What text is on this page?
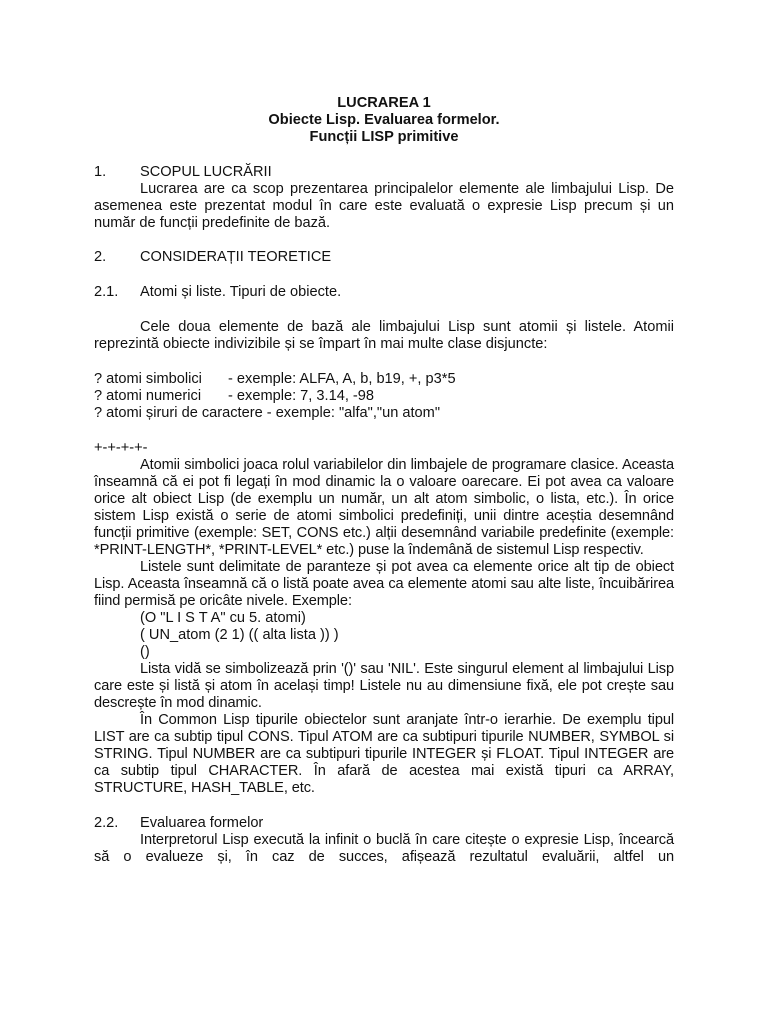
LUCRAREA 1
Obiecte Lisp. Evaluarea formelor.
Funcții LISP primitive
1.	SCOPUL LUCRĂRII
Lucrarea are ca scop prezentarea principalelor elemente ale limbajului Lisp. De asemenea este prezentat modul în care este evaluată o expresie Lisp precum și un număr de funcții predefinite de bază.
2.	CONSIDERAȚII TEORETICE
2.1.	Atomi și liste. Tipuri de obiecte.
Cele doua elemente de bază ale limbajului Lisp sunt atomii și listele. Atomii reprezintă obiecte indivizibile și se împart în mai multe clase disjuncte:
? atomi simbolici	- exemple: ALFA, A, b, b19, +, p3*5
? atomi numerici	- exemple: 7, 3.14, -98
? atomi șiruri de caractere - exemple: "alfa","un atom"
+-+-+-+-
Atomii simbolici joaca rolul variabilelor din limbajele de programare clasice. Aceasta înseamnă că ei pot fi legați în mod dinamic la o valoare oarecare. Ei pot avea ca valoare orice alt obiect Lisp (de exemplu un număr, un alt atom simbolic, o lista, etc.). În orice sistem Lisp există o serie de atomi simbolici predefiniți, unii dintre aceștia desemnând funcții primitive (exemple: SET, CONS etc.) alții desemnând variabile predefinite (exemple: *PRINT-LENGTH*, *PRINT-LEVEL* etc.) puse la îndemână de sistemul Lisp respectiv.
Listele sunt delimitate de paranteze și pot avea ca elemente orice alt tip de obiect Lisp. Aceasta înseamnă că o listă poate avea ca elemente atomi sau alte liste, încuibărirea fiind permisă pe oricâte nivele. Exemple:
(O "L I S T A" cu 5. atomi)
( UN_atom (2 1) (( alta lista )) )
()
Lista vidă se simbolizează prin '()' sau 'NIL'. Este singurul element al limbajului Lisp care este și listă și atom în același timp! Listele nu au dimensiune fixă, ele pot crește sau descrește în mod dinamic.
În Common Lisp tipurile obiectelor sunt aranjate într-o ierarhie. De exemplu tipul LIST are ca subtip tipul CONS. Tipul ATOM are ca subtipuri tipurile NUMBER, SYMBOL si STRING. Tipul NUMBER are ca subtipuri tipurile INTEGER și FLOAT. Tipul INTEGER are ca subtip tipul CHARACTER. În afară de acestea mai există tipuri ca ARRAY, STRUCTURE, HASH_TABLE, etc.
2.2.	Evaluarea formelor
Interpretorul Lisp execută la infinit o buclă în care citește o expresie Lisp, încearcă să o evalueze și, în caz de succes, afișează rezultatul evaluării, altfel un
